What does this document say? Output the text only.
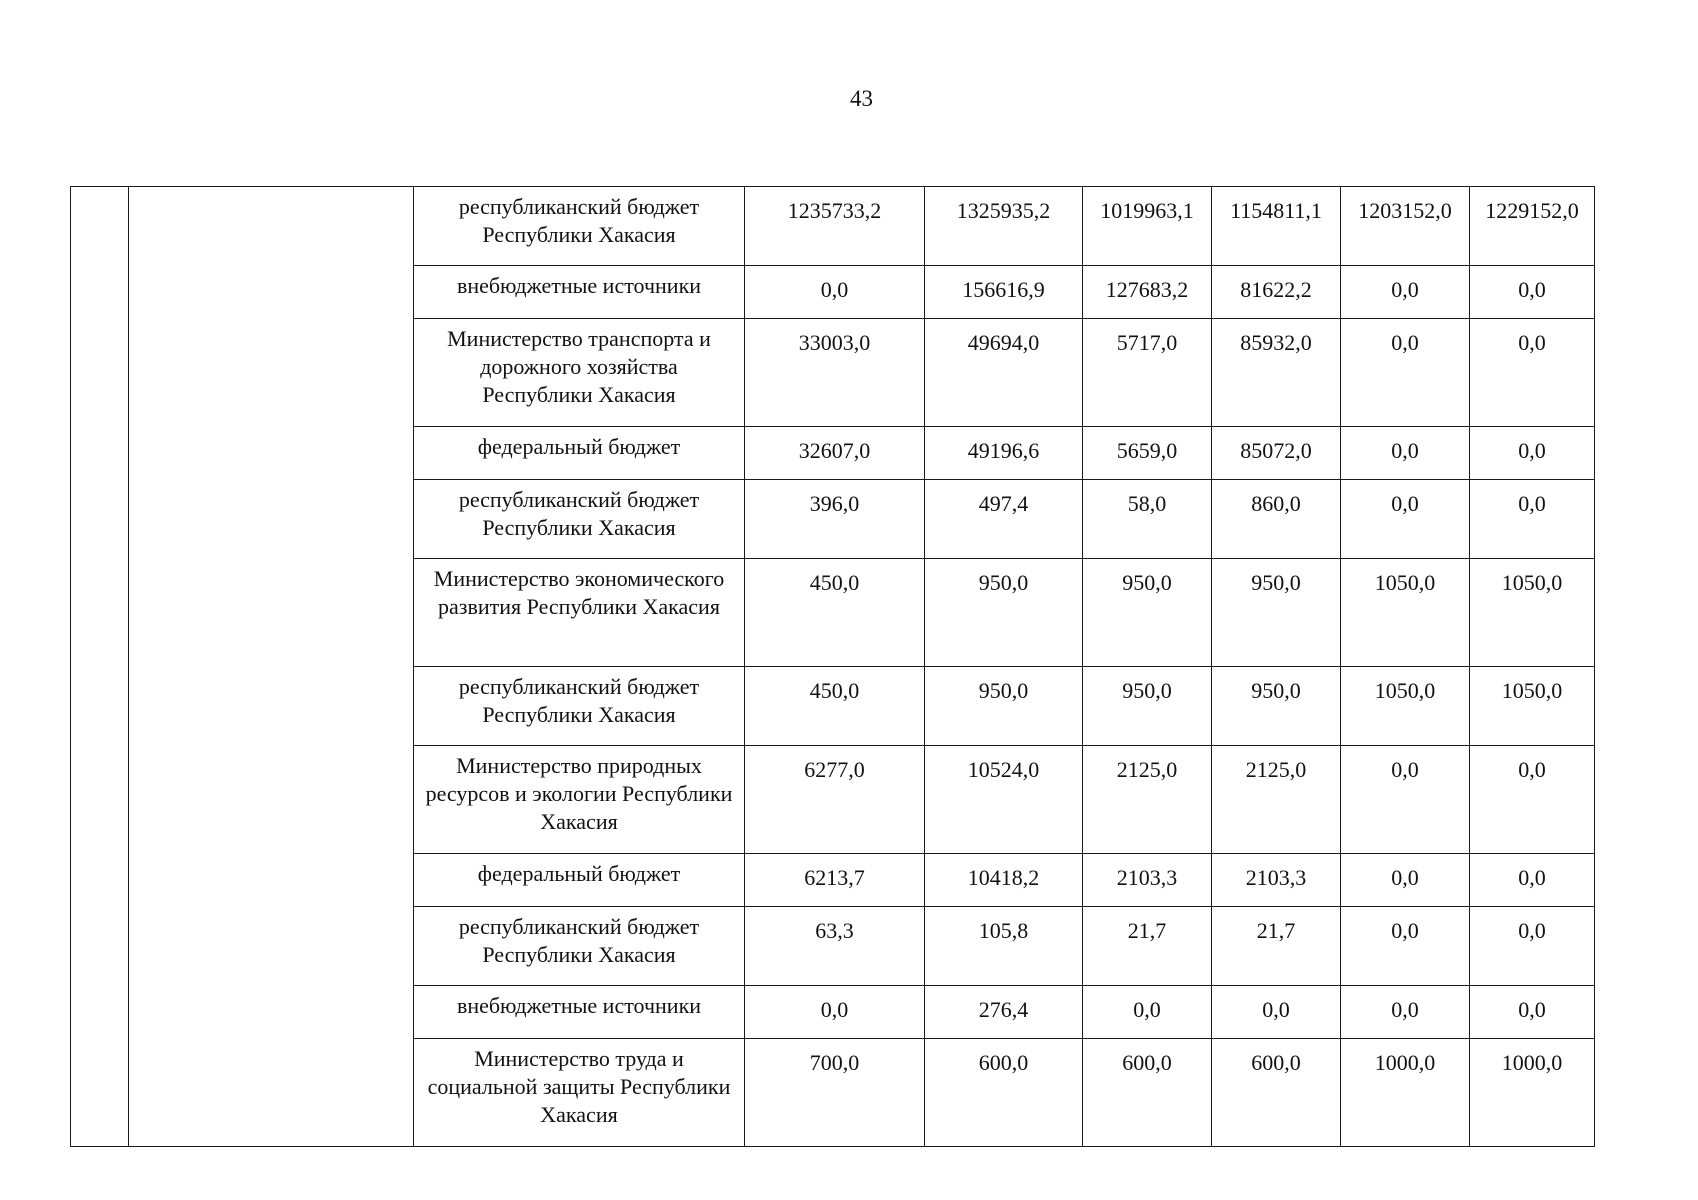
43
		республиканский бюджет Республики Хакасия	1235733,2	1325935,2	1019963,1	1154811,1	1203152,0	1229152,0
		внебюджетные источники	0,0	156616,9	127683,2	81622,2	0,0	0,0
		Министерство транспорта и дорожного хозяйства Республики Хакасия	33003,0	49694,0	5717,0	85932,0	0,0	0,0
		федеральный бюджет	32607,0	49196,6	5659,0	85072,0	0,0	0,0
		республиканский бюджет Республики Хакасия	396,0	497,4	58,0	860,0	0,0	0,0
		Министерство экономического развития Республики Хакасия	450,0	950,0	950,0	950,0	1050,0	1050,0
		республиканский бюджет Республики Хакасия	450,0	950,0	950,0	950,0	1050,0	1050,0
		Министерство природных ресурсов и экологии Республики Хакасия	6277,0	10524,0	2125,0	2125,0	0,0	0,0
		федеральный бюджет	6213,7	10418,2	2103,3	2103,3	0,0	0,0
		республиканский бюджет Республики Хакасия	63,3	105,8	21,7	21,7	0,0	0,0
		внебюджетные источники	0,0	276,4	0,0	0,0	0,0	0,0
		Министерство труда и социальной защиты Республики Хакасия	700,0	600,0	600,0	600,0	1000,0	1000,0
